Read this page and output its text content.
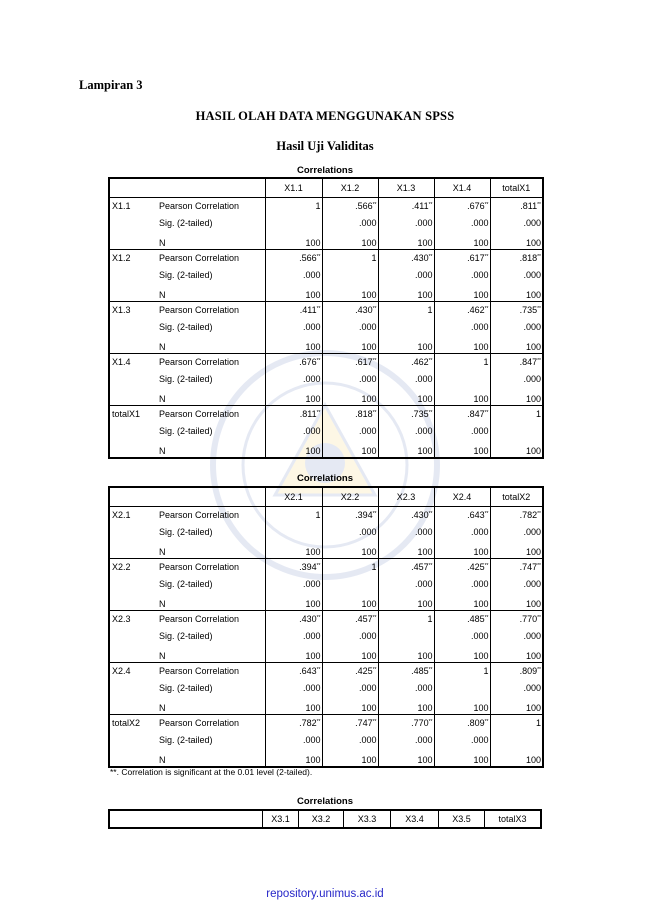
Lampiran 3
HASIL OLAH DATA MENGGUNAKAN SPSS
Hasil Uji Validitas
Correlations
		X1.1	X1.2	X1.3	X1.4	totalX1
X1.1	Pearson Correlation	1	.566**	.411**	.676**	.811**
	Sig. (2-tailed)		.000	.000	.000	.000
	N	100	100	100	100	100
X1.2	Pearson Correlation	.566**	1	.430**	.617**	.818**
	Sig. (2-tailed)	.000		.000	.000	.000
	N	100	100	100	100	100
X1.3	Pearson Correlation	.411**	.430**	1	.462**	.735**
	Sig. (2-tailed)	.000	.000		.000	.000
	N	100	100	100	100	100
X1.4	Pearson Correlation	.676**	.617**	.462**	1	.847**
	Sig. (2-tailed)	.000	.000	.000		.000
	N	100	100	100	100	100
totalX1	Pearson Correlation	.811**	.818**	.735**	.847**	1
	Sig. (2-tailed)	.000	.000	.000	.000	
	N	100	100	100	100	100
Correlations
		X2.1	X2.2	X2.3	X2.4	totalX2
X2.1	Pearson Correlation	1	.394**	.430**	.643**	.782**
	Sig. (2-tailed)		.000	.000	.000	.000
	N	100	100	100	100	100
X2.2	Pearson Correlation	.394**	1	.457**	.425**	.747**
	Sig. (2-tailed)	.000		.000	.000	.000
	N	100	100	100	100	100
X2.3	Pearson Correlation	.430**	.457**	1	.485**	.770**
	Sig. (2-tailed)	.000	.000		.000	.000
	N	100	100	100	100	100
X2.4	Pearson Correlation	.643**	.425**	.485**	1	.809**
	Sig. (2-tailed)	.000	.000	.000		.000
	N	100	100	100	100	100
totalX2	Pearson Correlation	.782**	.747**	.770**	.809**	1
	Sig. (2-tailed)	.000	.000	.000	.000	
	N	100	100	100	100	100
**. Correlation is significant at the 0.01 level (2-tailed).
Correlations
X3.1	X3.2	X3.3	X3.4	X3.5	totalX3
repository.unimus.ac.id
